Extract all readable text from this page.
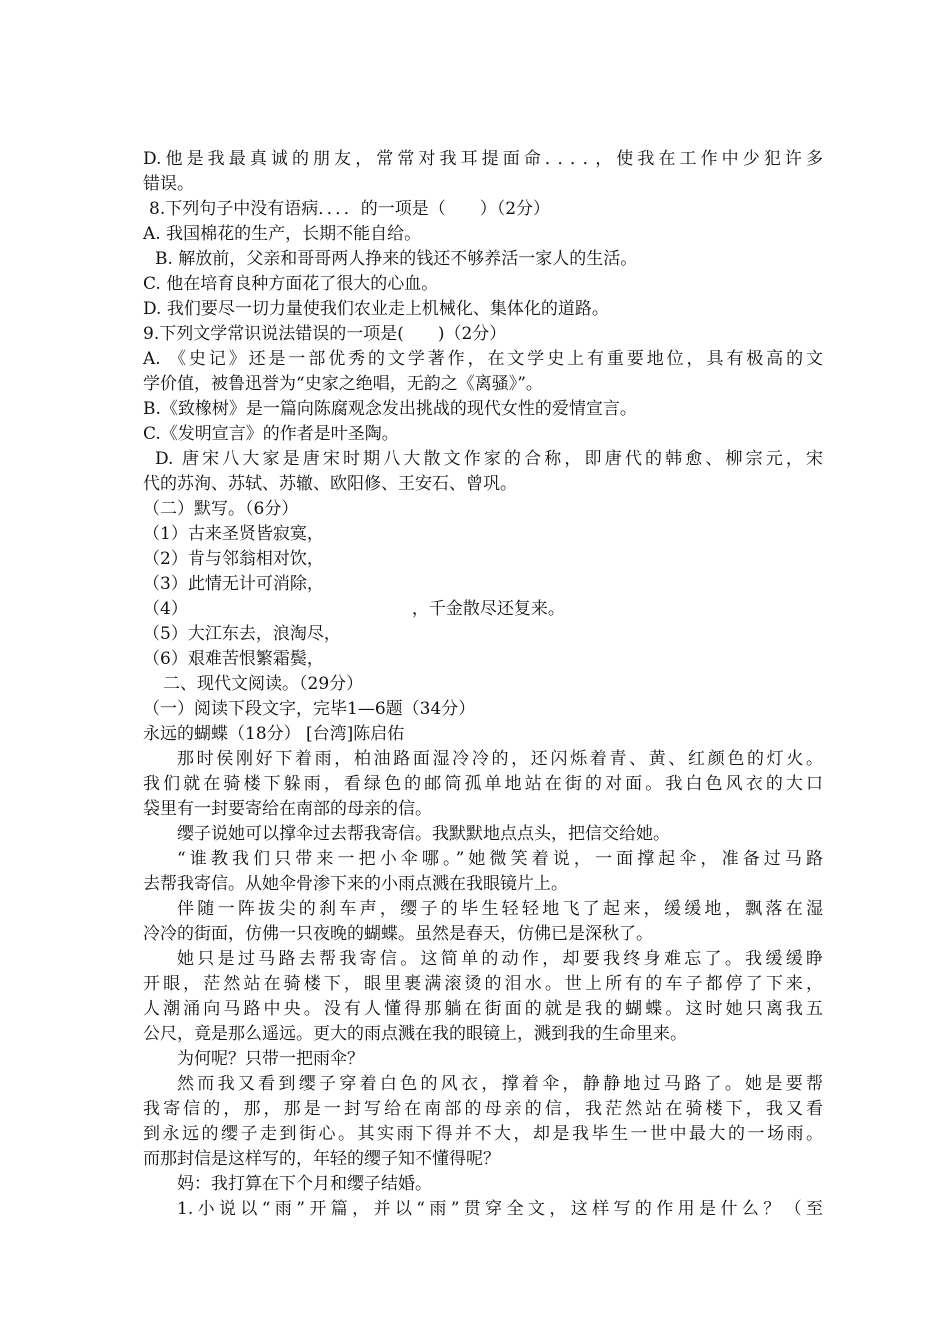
D.他是我最真诚的朋友，常常对我耳提面命．．．．，使我在工作中少犯许多
错误。
8.下列句子中没有语病．．．．的一项是（　　）（2分）
A. 我国棉花的生产，长期不能自给。
B. 解放前，父亲和哥哥两人挣来的钱还不够养活一家人的生活。
C. 他在培育良种方面花了很大的心血。
D. 我们要尽一切力量使我们农业走上机械化、集体化的道路。
9.下列文学常识说法错误的一项是(　　)（2分）
A. 《史记》还是一部优秀的文学著作，在文学史上有重要地位，具有极高的文
学价值，被鲁迅誉为“史家之绝唱，无韵之《离骚》”。
B.《致橡树》是一篇向陈腐观念发出挑战的现代女性的爱情宣言。
C.《发明宣言》的作者是叶圣陶。
D. 唐宋八大家是唐宋时期八大散文作家的合称，即唐代的韩愈、柳宗元，宋
代的苏洵、苏轼、苏辙、欧阳修、王安石、曾巩。
（二）默写。（6分）
（1）古来圣贤皆寂寞，
（2）肯与邻翁相对饮，
（3）此情无计可消除，
（4）	，千金散尽还复来。
（5）大江东去，浪淘尽，
（6）艰难苦恨繁霜鬓，
二、现代文阅读。（29分）
（一）阅读下段文字，完毕1—6题（34分）
永远的蝴蝶（18分） [台湾]陈启佑
那时侯刚好下着雨，柏油路面湿冷冷的，还闪烁着青、黄、红颜色的灯火。
我们就在骑楼下躲雨，看绿色的邮筒孤单地站在街的对面。我白色风衣的大口
袋里有一封要寄给在南部的母亲的信。
缨子说她可以撑伞过去帮我寄信。我默默地点点头，把信交给她。
“谁教我们只带来一把小伞哪。”她微笑着说，一面撑起伞，准备过马路
去帮我寄信。从她伞骨渗下来的小雨点溅在我眼镜片上。
伴随一阵拔尖的刹车声，缨子的毕生轻轻地飞了起来，缓缓地，飘落在湿
冷冷的街面，仿佛一只夜晚的蝴蝶。虽然是春天，仿佛已是深秋了。
她只是过马路去帮我寄信。这简单的动作，却要我终身难忘了。我缓缓睁
开眼，茫然站在骑楼下，眼里裹满滚烫的泪水。世上所有的车子都停了下来，
人潮涌向马路中央。没有人懂得那躺在街面的就是我的蝴蝶。这时她只离我五
公尺，竟是那么遥远。更大的雨点溅在我的眼镜上，溅到我的生命里来。
为何呢？只带一把雨伞？
然而我又看到缨子穿着白色的风衣，撑着伞，静静地过马路了。她是要帮
我寄信的，那，那是一封写给在南部的母亲的信，我茫然站在骑楼下，我又看
到永远的缨子走到街心。其实雨下得并不大，却是我毕生一世中最大的一场雨。
而那封信是这样写的，年轻的缨子知不懂得呢？
妈：我打算在下个月和缨子结婚。
1.小说以“雨”开篇，并以“雨”贯穿全文，这样写的作用是什么？（至
